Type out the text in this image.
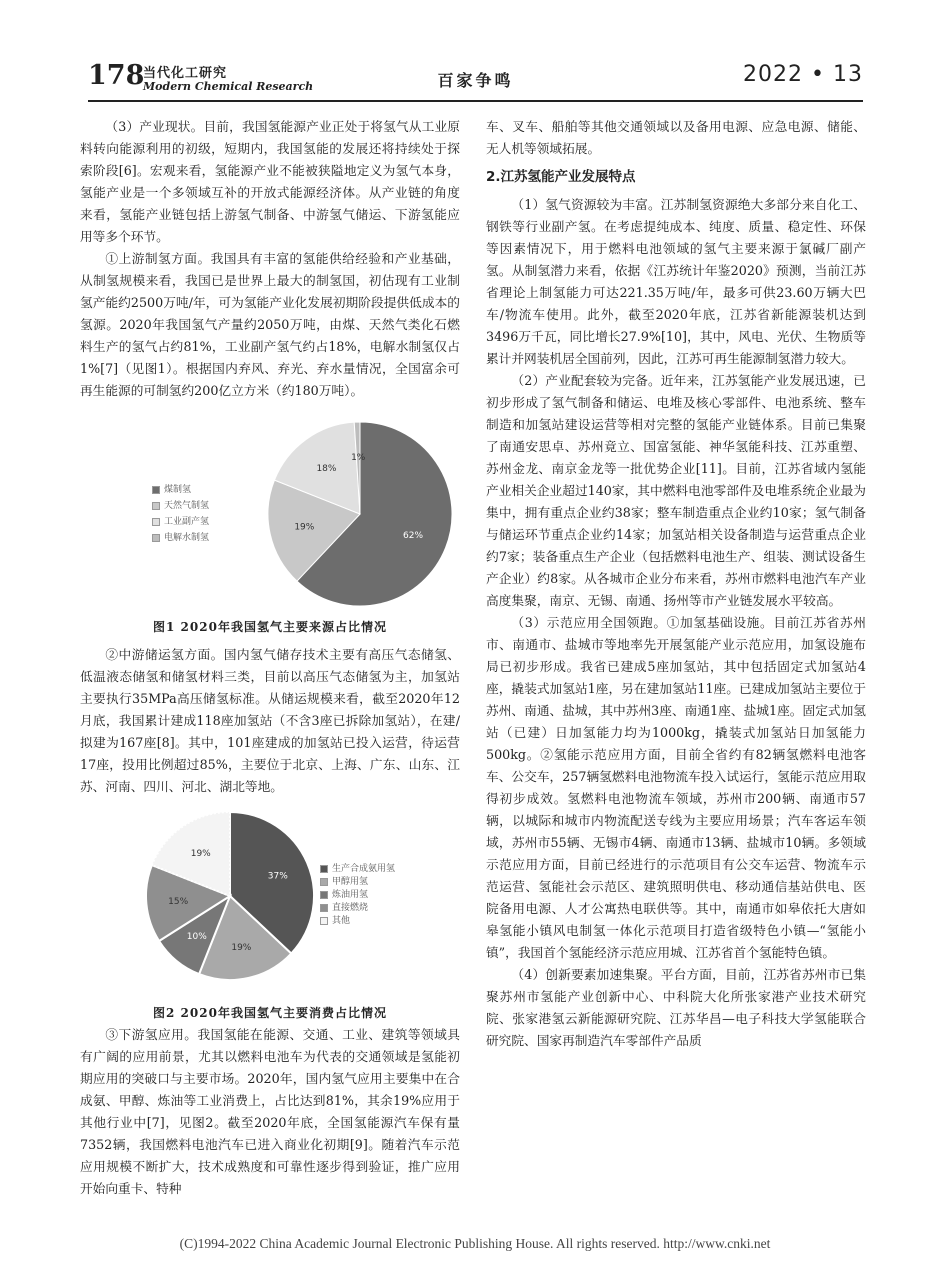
178
当代化工研究
Modern Chemical Research	百家争鸣	2022 • 13

（3）产业现状。目前，我国氢能源产业正处于将氢气从工业原料转向能源利用的初级，短期内，我国氢能的发展还将持续处于探索阶段[6]。宏观来看，氢能源产业不能被狭隘地定义为氢气本身，氢能产业是一个多领域互补的开放式能源经济体。从产业链的角度来看，氢能产业链包括上游氢气制备、中游氢气储运、下游氢能应用等多个环节。

①上游制氢方面。我国具有丰富的氢能供给经验和产业基础，从制氢规模来看，我国已是世界上最大的制氢国，初估现有工业制氢产能约2500万吨/年，可为氢能产业化发展初期阶段提供低成本的氢源。2020年我国氢气产量约2050万吨，由煤、天然气类化石燃料生产的氢气占约81%，工业副产氢气约占18%，电解水制氢仅占1%[7]（见图1）。根据国内弃风、弃光、弃水量情况，全国富余可再生能源的可制氢约200亿立方米（约180万吨）。

煤制氢
天然气制氢
工业副产氢
电解水制氢	62%
19%
18%
1%
图1 2020年我国氢气主要来源占比情况

②中游储运氢方面。国内氢气储存技术主要有高压气态储氢、低温液态储氢和储氢材料三类，目前以高压气态储氢为主，加氢站主要执行35MPa高压储氢标准。从储运规模来看，截至2020年12月底，我国累计建成118座加氢站（不含3座已拆除加氢站），在建/拟建为167座[8]。其中，101座建成的加氢站已投入运营，待运营17座，投用比例超过85%，主要位于北京、上海、广东、山东、江苏、河南、四川、河北、湖北等地。

37%
19%
10%
15%
19%
生产合成氨用氢
甲醇用氢
炼油用氢
直接燃烧
其他
图2 2020年我国氢气主要消费占比情况

③下游氢应用。我国氢能在能源、交通、工业、建筑等领域具有广阔的应用前景，尤其以燃料电池车为代表的交通领域是氢能初期应用的突破口与主要市场。2020年，国内氢气应用主要集中在合成氨、甲醇、炼油等工业消费上，占比达到81%，其余19%应用于其他行业中[7]，见图2。截至2020年底，全国氢能源汽车保有量7352辆，我国燃料电池汽车已进入商业化初期[9]。随着汽车示范应用规模不断扩大，技术成熟度和可靠性逐步得到验证，推广应用开始向重卡、特种

车、叉车、船舶等其他交通领域以及备用电源、应急电源、储能、无人机等领域拓展。

2.江苏氢能产业发展特点

（1）氢气资源较为丰富。江苏制氢资源绝大多部分来自化工、钢铁等行业副产氢。在考虑提纯成本、纯度、质量、稳定性、环保等因素情况下，用于燃料电池领域的氢气主要来源于氯碱厂副产氢。从制氢潜力来看，依据《江苏统计年鉴2020》预测，当前江苏省理论上制氢能力可达221.35万吨/年，最多可供23.60万辆大巴车/物流车使用。此外，截至2020年底，江苏省新能源装机达到3496万千瓦，同比增长27.9%[10]，其中，风电、光伏、生物质等累计并网装机居全国前列，因此，江苏可再生能源制氢潜力较大。

（2）产业配套较为完备。近年来，江苏氢能产业发展迅速，已初步形成了氢气制备和储运、电堆及核心零部件、电池系统、整车制造和加氢站建设运营等相对完整的氢能产业链体系。目前已集聚了南通安思卓、苏州竟立、国富氢能、神华氢能科技、江苏重塑、苏州金龙、南京金龙等一批优势企业[11]。目前，江苏省域内氢能产业相关企业超过140家，其中燃料电池零部件及电堆系统企业最为集中，拥有重点企业约38家；整车制造重点企业约10家；氢气制备与储运环节重点企业约14家；加氢站相关设备制造与运营重点企业约7家；装备重点生产企业（包括燃料电池生产、组装、测试设备生产企业）约8家。从各城市企业分布来看，苏州市燃料电池汽车产业高度集聚，南京、无锡、南通、扬州等市产业链发展水平较高。

（3）示范应用全国领跑。①加氢基础设施。目前江苏省苏州市、南通市、盐城市等地率先开展氢能产业示范应用，加氢设施布局已初步形成。我省已建成5座加氢站，其中包括固定式加氢站4座，撬装式加氢站1座，另在建加氢站11座。已建成加氢站主要位于苏州、南通、盐城，其中苏州3座、南通1座、盐城1座。固定式加氢站（已建）日加氢能力均为1000kg，撬装式加氢站日加氢能力500kg。②氢能示范应用方面，目前全省约有82辆氢燃料电池客车、公交车，257辆氢燃料电池物流车投入试运行，氢能示范应用取得初步成效。氢燃料电池物流车领域，苏州市200辆、南通市57辆，以城际和城市内物流配送专线为主要应用场景；汽车客运车领域，苏州市55辆、无锡市4辆、南通市13辆、盐城市10辆。多领域示范应用方面，目前已经进行的示范项目有公交车运营、物流车示范运营、氢能社会示范区、建筑照明供电、移动通信基站供电、医院备用电源、人才公寓热电联供等。其中，南通市如皋依托大唐如皋氢能小镇风电制氢一体化示范项目打造省级特色小镇—“氢能小镇”，我国首个氢能经济示范应用城、江苏省首个氢能特色镇。

（4）创新要素加速集聚。平台方面，目前，江苏省苏州市已集聚苏州市氢能产业创新中心、中科院大化所张家港产业技术研究院、张家港氢云新能源研究院、江苏华昌—电子科技大学氢能联合研究院、国家再制造汽车零部件产品质

(C)1994-2022 China Academic Journal Electronic Publishing House. All rights reserved. http://www.cnki.net
